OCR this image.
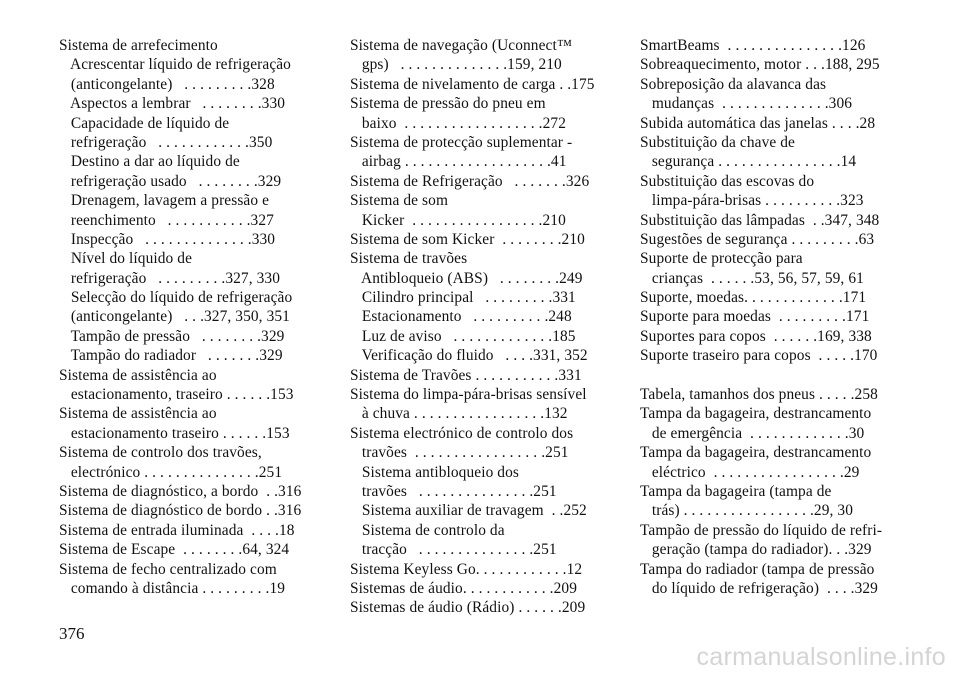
Sistema de arrefecimento
Acrescentar líquido de refrigeração
(anticongelante)   . . . . . . . . .328
Aspectos a lembrar   . . . . . . . .330
Capacidade de líquido de
refrigeração   . . . . . . . . . . . .350
Destino a dar ao líquido de
refrigeração usado   . . . . . . . .329
Drenagem, lavagem a pressão e
reenchimento   . . . . . . . . . . .327
Inspecção   . . . . . . . . . . . . . .330
Nível do líquido de
refrigeração   . . . . . . . . .327, 330
Selecção do líquido de refrigeração
(anticongelante)   . . .327, 350, 351
Tampão de pressão   . . . . . . . .329
Tampão do radiador   . . . . . . .329
Sistema de assistência ao
estacionamento, traseiro . . . . . .153
Sistema de assistência ao
estacionamento traseiro . . . . . .153
Sistema de controlo dos travões,
electrónico . . . . . . . . . . . . . . .251
Sistema de diagnóstico, a bordo  . .316
Sistema de diagnóstico de bordo . .316
Sistema de entrada iluminada  . . . .18
Sistema de Escape  . . . . . . . .64, 324
Sistema de fecho centralizado com
comando à distância . . . . . . . . .19
Sistema de navegação (Uconnect™
gps)   . . . . . . . . . . . . . .159, 210
Sistema de nivelamento de carga . .175
Sistema de pressão do pneu em
baixo  . . . . . . . . . . . . . . . . . .272
Sistema de protecção suplementar -
airbag . . . . . . . . . . . . . . . . . . .41
Sistema de Refrigeração   . . . . . . .326
Sistema de som
Kicker  . . . . . . . . . . . . . . . . .210
Sistema de som Kicker  . . . . . . . .210
Sistema de travões
Antibloqueio (ABS)   . . . . . . . .249
Cilindro principal   . . . . . . . . .331
Estacionamento   . . . . . . . . . .248
Luz de aviso   . . . . . . . . . . . . .185
Verificação do fluido   . . . .331, 352
Sistema de Travões . . . . . . . . . . .331
Sistema do limpa-pára-brisas sensível
à chuva . . . . . . . . . . . . . . . . .132
Sistema electrónico de controlo dos
travões  . . . . . . . . . . . . . . . . .251
Sistema antibloqueio dos
travões   . . . . . . . . . . . . . . .251
Sistema auxiliar de travagem  . .252
Sistema de controlo da
tracção   . . . . . . . . . . . . . . .251
Sistema Keyless Go. . . . . . . . . . . .12
Sistemas de áudio. . . . . . . . . . . .209
Sistemas de áudio (Rádio) . . . . . .209
SmartBeams  . . . . . . . . . . . . . . .126
Sobreaquecimento, motor . . .188, 295
Sobreposição da alavanca das
mudanças  . . . . . . . . . . . . . .306
Subida automática das janelas . . . .28
Substituição da chave de
segurança . . . . . . . . . . . . . . . .14
Substituição das escovas do
limpa-pára-brisas . . . . . . . . . .323
Substituição das lâmpadas  . .347, 348
Sugestões de segurança . . . . . . . . .63
Suporte de protecção para
crianças  . . . . . .53, 56, 57, 59, 61
Suporte, moedas. . . . . . . . . . . . .171
Suporte para moedas  . . . . . . . . .171
Suportes para copos  . . . . . .169, 338
Suporte traseiro para copos  . . . . .170
Tabela, tamanhos dos pneus . . . . .258
Tampa da bagageira, destrancamento
de emergência  . . . . . . . . . . . . .30
Tampa da bagageira, destrancamento
eléctrico  . . . . . . . . . . . . . . . . .29
Tampa da bagageira (tampa de
trás) . . . . . . . . . . . . . . . . .29, 30
Tampão de pressão do líquido de refri-
geração (tampa do radiador). . .329
Tampa do radiador (tampa de pressão
do líquido de refrigeração)  . . . .329
376
carmanualsonline.info
